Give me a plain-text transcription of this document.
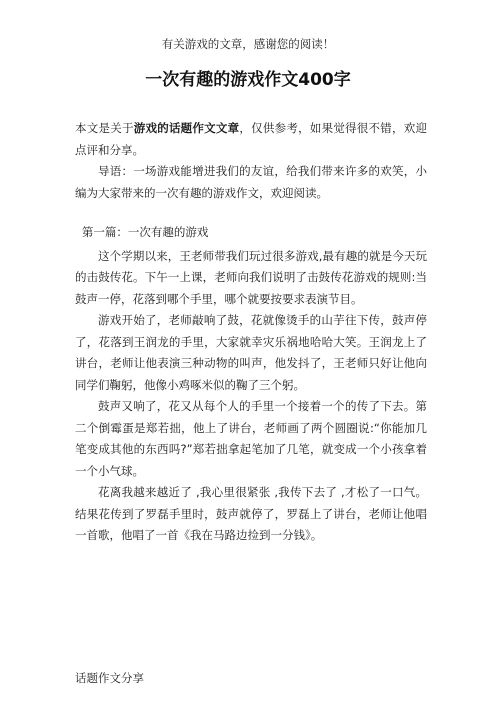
有关游戏的文章，感谢您的阅读！
一次有趣的游戏作文400字

本文是关于游戏的话题作文文章，仅供参考，如果觉得很不错，欢迎点评和分享。

导语：一场游戏能增进我们的友谊，给我们带来许多的欢笑，小编为大家带来的一次有趣的游戏作文，欢迎阅读。

第一篇：一次有趣的游戏

这个学期以来，王老师带我们玩过很多游戏,最有趣的就是今天玩的击鼓传花。下午一上课，老师向我们说明了击鼓传花游戏的规则:当鼓声一停，花落到哪个手里，哪个就要按要求表演节目。

游戏开始了，老师敲响了鼓，花就像烫手的山芋往下传，鼓声停了，花落到王润龙的手里，大家就幸灾乐祸地哈哈大笑。王润龙上了讲台，老师让他表演三种动物的叫声，他发抖了，王老师只好让他向同学们鞠躬，他像小鸡啄米似的鞠了三个躬。

鼓声又响了，花又从每个人的手里一个接着一个的传了下去。第二个倒霉蛋是郑若拙，他上了讲台，老师画了两个圆圈说:“你能加几笔变成其他的东西吗?”郑若拙拿起笔加了几笔，就变成一个小孩拿着一个小气球。

花离我越来越近了 ,我心里很紧张 ,我传下去了 ,才松了一口气。结果花传到了罗磊手里时，鼓声就停了，罗磊上了讲台，老师让他唱一首歌，他唱了一首《我在马路边捡到一分钱》。

话题作文分享
